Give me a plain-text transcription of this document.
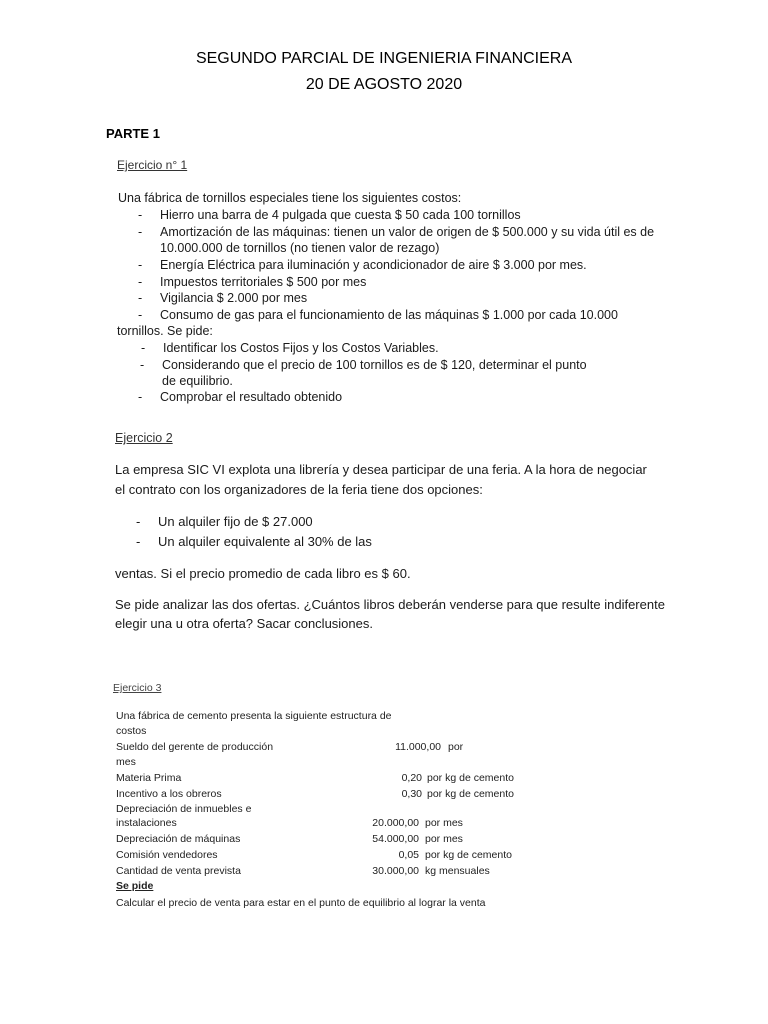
SEGUNDO PARCIAL DE INGENIERIA FINANCIERA
20 DE AGOSTO 2020
PARTE 1
Ejercicio n° 1
Una fábrica de tornillos especiales tiene los siguientes costos:
- Hierro una barra de 4 pulgada que cuesta $ 50 cada 100 tornillos
- Amortización de las máquinas: tienen un valor de origen de $ 500.000 y su vida útil es de
10.000.000 de tornillos (no tienen valor de rezago)
- Energía Eléctrica para iluminación y acondicionador de aire $ 3.000 por mes.
- Impuestos territoriales $ 500 por mes
- Vigilancia $ 2.000 por mes
- Consumo de gas para el funcionamiento de las máquinas $ 1.000 por cada 10.000
tornillos. Se pide:
- Identificar los Costos Fijos y los Costos Variables.
- Considerando que el precio de 100 tornillos es de $ 120, determinar el punto
de equilibrio.
- Comprobar el resultado obtenido
Ejercicio 2
La empresa SIC VI explota una librería y desea participar de una feria. A la hora de negociar
el contrato con los organizadores de la feria tiene dos opciones:
- Un alquiler fijo de $ 27.000
- Un alquiler equivalente al 30% de las
ventas. Si el precio promedio de cada libro es $ 60.
Se pide analizar las dos ofertas. ¿Cuántos libros deberán venderse para que resulte indiferente
elegir una u otra oferta? Sacar conclusiones.
Ejercicio 3
Una fábrica de cemento presenta la siguiente estructura de
costos
Sueldo del gerente de producción	11.000,00 por
mes
Materia Prima	0,20 por kg de cemento
Incentivo a los obreros	0,30 por kg de cemento
Depreciación de inmuebles e
instalaciones	20.000,00 por mes
Depreciación de máquinas	54.000,00 por mes
Comisión vendedores	0,05 por kg de cemento
Cantidad de venta prevista	30.000,00 kg mensuales
Se pide
Calcular el precio de venta para estar en el punto de equilibrio al lograr la venta
